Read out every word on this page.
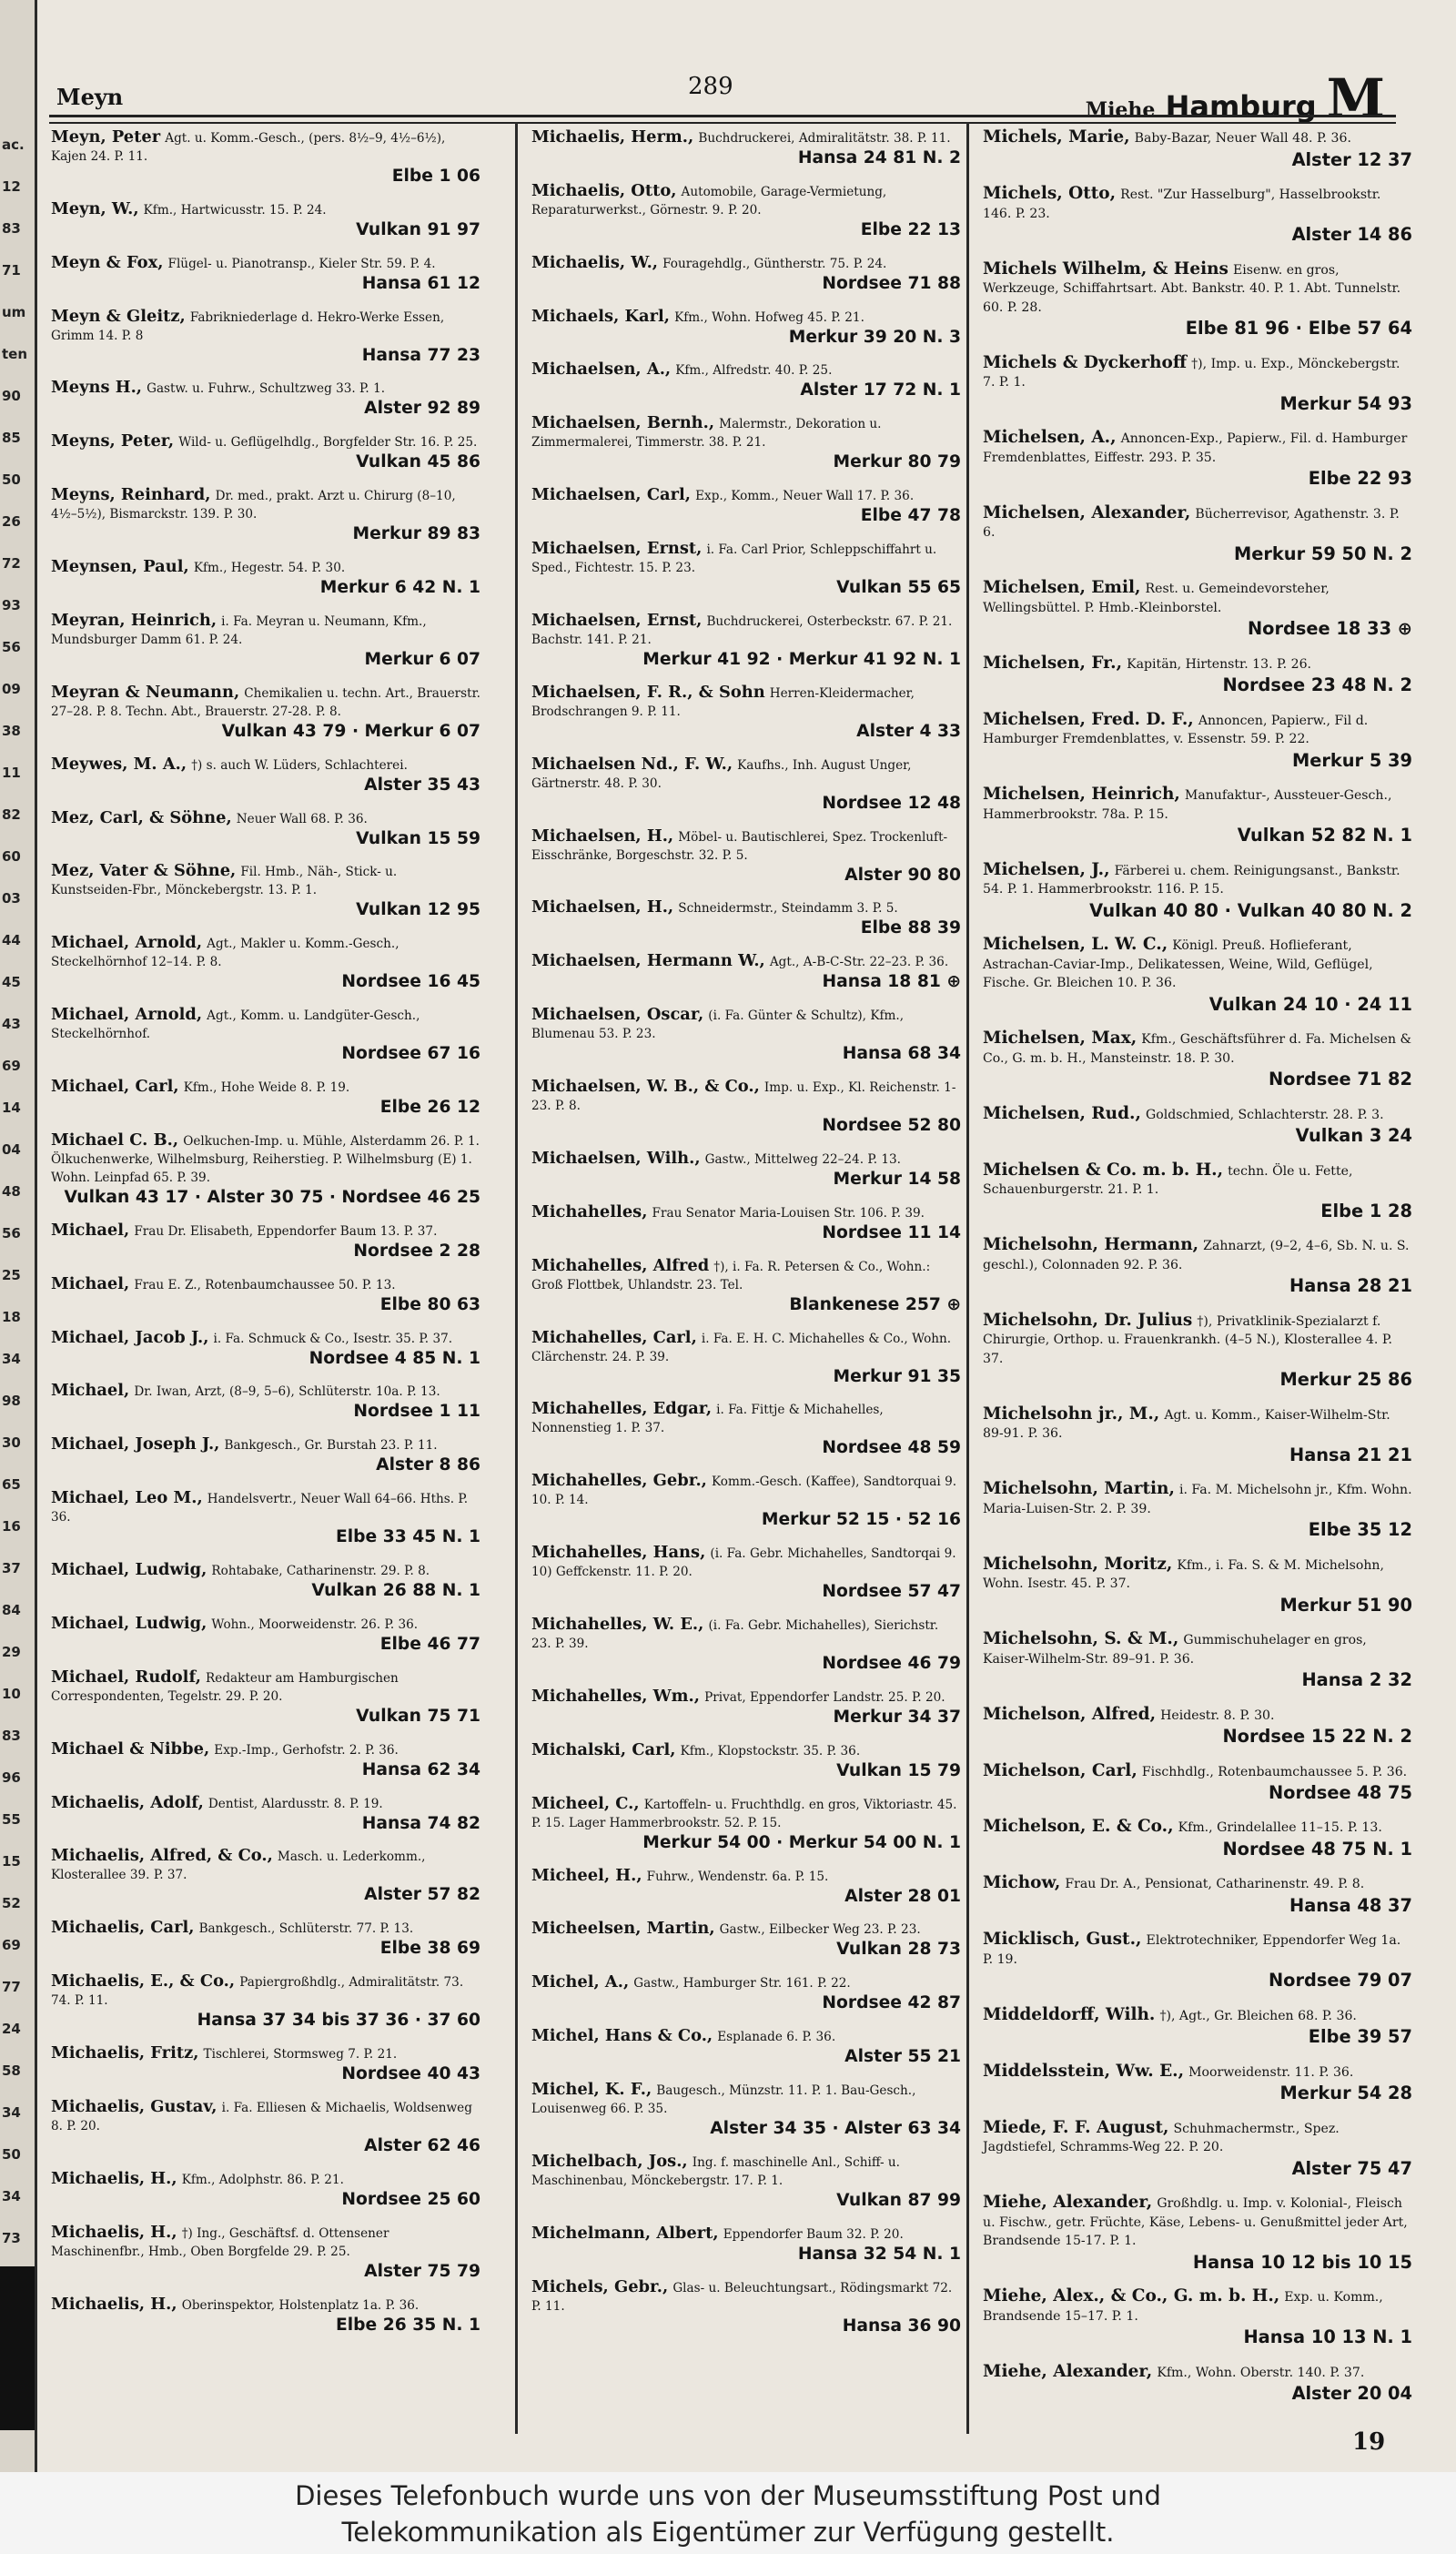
ac.
12
83
71
um
ten
90
85
50
26
72
93
56
09
38
11
82
60
03
44
45
43
69
14
04
48
56
25
18
34
98
30
65
16
37
84
29
10
83
96
55
15
52
69
77
24
58
34
50
34
73
Meyn	289
Miehe Hamburg M
Meyn, Peter Agt. u. Komm.-Gesch., (pers. 8½–9, 4½–6½), Kajen 24. P. 11.

Elbe 1 06
Meyn, W., Kfm., Hartwicusstr. 15. P. 24.

Vulkan 91 97
Meyn & Fox, Flügel- u. Pianotransp., Kieler Str. 59. P. 4.

Hansa 61 12
Meyn & Gleitz, Fabrikniederlage d. Hekro-Werke Essen, Grimm 14. P. 8

Hansa 77 23
Meyns H., Gastw. u. Fuhrw., Schultzweg 33. P. 1.

Alster 92 89
Meyns, Peter, Wild- u. Geflügelhdlg., Borgfelder Str. 16. P. 25.

Vulkan 45 86
Meyns, Reinhard, Dr. med., prakt. Arzt u. Chirurg (8–10, 4½–5½), Bismarckstr. 139. P. 30.

Merkur 89 83
Meynsen, Paul, Kfm., Hegestr. 54. P. 30.

Merkur 6 42 N. 1
Meyran, Heinrich, i. Fa. Meyran u. Neumann, Kfm., Mundsburger Damm 61. P. 24.

Merkur 6 07
Meyran & Neumann, Chemikalien u. techn. Art., Brauerstr. 27–28. P. 8. Techn. Abt., Brauerstr. 27-28. P. 8.

Vulkan 43 79 · Merkur 6 07
Meywes, M. A., †) s. auch W. Lüders, Schlachterei.

Alster 35 43
Mez, Carl, & Söhne, Neuer Wall 68. P. 36.

Vulkan 15 59
Mez, Vater & Söhne, Fil. Hmb., Näh-, Stick- u. Kunstseiden-Fbr., Mönckebergstr. 13. P. 1.

Vulkan 12 95
Michael, Arnold, Agt., Makler u. Komm.-Gesch., Steckelhörnhof 12–14. P. 8.

Nordsee 16 45
Michael, Arnold, Agt., Komm. u. Landgüter-Gesch., Steckelhörnhof.

Nordsee 67 16
Michael, Carl, Kfm., Hohe Weide 8. P. 19.

Elbe 26 12
Michael C. B., Oelkuchen-Imp. u. Mühle, Alsterdamm 26. P. 1. Ölkuchenwerke, Wilhelmsburg, Reiherstieg. P. Wilhelmsburg (E) 1. Wohn. Leinpfad 65. P. 39.

Vulkan 43 17 · Alster 30 75 · Nordsee 46 25
Michael, Frau Dr. Elisabeth, Eppendorfer Baum 13. P. 37.

Nordsee 2 28
Michael, Frau E. Z., Rotenbaumchaussee 50. P. 13.

Elbe 80 63
Michael, Jacob J., i. Fa. Schmuck & Co., Isestr. 35. P. 37.

Nordsee 4 85 N. 1
Michael, Dr. Iwan, Arzt, (8–9, 5–6), Schlüterstr. 10a. P. 13.

Nordsee 1 11
Michael, Joseph J., Bankgesch., Gr. Burstah 23. P. 11.

Alster 8 86
Michael, Leo M., Handelsvertr., Neuer Wall 64–66. Hths. P. 36.

Elbe 33 45 N. 1
Michael, Ludwig, Rohtabake, Catharinenstr. 29. P. 8.

Vulkan 26 88 N. 1
Michael, Ludwig, Wohn., Moorweidenstr. 26. P. 36.

Elbe 46 77
Michael, Rudolf, Redakteur am Hamburgischen Correspondenten, Tegelstr. 29. P. 20.

Vulkan 75 71
Michael & Nibbe, Exp.-Imp., Gerhofstr. 2. P. 36.

Hansa 62 34
Michaelis, Adolf, Dentist, Alardusstr. 8. P. 19.

Hansa 74 82
Michaelis, Alfred, & Co., Masch. u. Lederkomm., Klosterallee 39. P. 37.

Alster 57 82
Michaelis, Carl, Bankgesch., Schlüterstr. 77. P. 13.

Elbe 38 69
Michaelis, E., & Co., Papiergroßhdlg., Admiralitätstr. 73. 74. P. 11.

Hansa 37 34 bis 37 36 · 37 60
Michaelis, Fritz, Tischlerei, Stormsweg 7. P. 21.

Nordsee 40 43
Michaelis, Gustav, i. Fa. Elliesen & Michaelis, Woldsenweg 8. P. 20.

Alster 62 46
Michaelis, H., Kfm., Adolphstr. 86. P. 21.

Nordsee 25 60
Michaelis, H., †) Ing., Geschäftsf. d. Ottensener Maschinenfbr., Hmb., Oben Borgfelde 29. P. 25.

Alster 75 79
Michaelis, H., Oberinspektor, Holstenplatz 1a. P. 36.

Elbe 26 35 N. 1
Michaelis, Herm., Buchdruckerei, Admiralitätstr. 38. P. 11.

Hansa 24 81 N. 2
Michaelis, Otto, Automobile, Garage-Vermietung, Reparaturwerkst., Görnestr. 9. P. 20.

Elbe 22 13
Michaelis, W., Fouragehdlg., Güntherstr. 75. P. 24.

Nordsee 71 88
Michaels, Karl, Kfm., Wohn. Hofweg 45. P. 21.

Merkur 39 20 N. 3
Michaelsen, A., Kfm., Alfredstr. 40. P. 25.

Alster 17 72 N. 1
Michaelsen, Bernh., Malermstr., Dekoration u. Zimmermalerei, Timmerstr. 38. P. 21.

Merkur 80 79
Michaelsen, Carl, Exp., Komm., Neuer Wall 17. P. 36.

Elbe 47 78
Michaelsen, Ernst, i. Fa. Carl Prior, Schleppschiffahrt u. Sped., Fichtestr. 15. P. 23.

Vulkan 55 65
Michaelsen, Ernst, Buchdruckerei, Osterbeckstr. 67. P. 21. Bachstr. 141. P. 21.

Merkur 41 92 · Merkur 41 92 N. 1
Michaelsen, F. R., & Sohn Herren-Kleidermacher, Brodschrangen 9. P. 11.

Alster 4 33
Michaelsen Nd., F. W., Kaufhs., Inh. August Unger, Gärtnerstr. 48. P. 30.

Nordsee 12 48
Michaelsen, H., Möbel- u. Bautischlerei, Spez. Trockenluft-Eisschränke, Borgeschstr. 32. P. 5.

Alster 90 80
Michaelsen, H., Schneidermstr., Steindamm 3. P. 5.

Elbe 88 39
Michaelsen, Hermann W., Agt., A-B-C-Str. 22–23. P. 36.

Hansa 18 81 ⊕
Michaelsen, Oscar, (i. Fa. Günter & Schultz), Kfm., Blumenau 53. P. 23.

Hansa 68 34
Michaelsen, W. B., & Co., Imp. u. Exp., Kl. Reichenstr. 1-23. P. 8.

Nordsee 52 80
Michaelsen, Wilh., Gastw., Mittelweg 22–24. P. 13.

Merkur 14 58
Michahelles, Frau Senator Maria-Louisen Str. 106. P. 39.

Nordsee 11 14
Michahelles, Alfred †), i. Fa. R. Petersen & Co., Wohn.: Groß Flottbek, Uhlandstr. 23. Tel.

Blankenese 257 ⊕
Michahelles, Carl, i. Fa. E. H. C. Michahelles & Co., Wohn. Clärchenstr. 24. P. 39.

Merkur 91 35
Michahelles, Edgar, i. Fa. Fittje & Michahelles, Nonnenstieg 1. P. 37.

Nordsee 48 59
Michahelles, Gebr., Komm.-Gesch. (Kaffee), Sandtorquai 9. 10. P. 14.

Merkur 52 15 · 52 16
Michahelles, Hans, (i. Fa. Gebr. Michahelles, Sandtorqai 9. 10) Geffckenstr. 11. P. 20.

Nordsee 57 47
Michahelles, W. E., (i. Fa. Gebr. Michahelles), Sierichstr. 23. P. 39.

Nordsee 46 79
Michahelles, Wm., Privat, Eppendorfer Landstr. 25. P. 20.

Merkur 34 37
Michalski, Carl, Kfm., Klopstockstr. 35. P. 36.

Vulkan 15 79
Micheel, C., Kartoffeln- u. Fruchthdlg. en gros, Viktoriastr. 45. P. 15. Lager Hammerbrookstr. 52. P. 15.

Merkur 54 00 · Merkur 54 00 N. 1
Micheel, H., Fuhrw., Wendenstr. 6a. P. 15.

Alster 28 01
Micheelsen, Martin, Gastw., Eilbecker Weg 23. P. 23.

Vulkan 28 73
Michel, A., Gastw., Hamburger Str. 161. P. 22.

Nordsee 42 87
Michel, Hans & Co., Esplanade 6. P. 36.

Alster 55 21
Michel, K. F., Baugesch., Münzstr. 11. P. 1. Bau-Gesch., Louisenweg 66. P. 35.

Alster 34 35 · Alster 63 34
Michelbach, Jos., Ing. f. maschinelle Anl., Schiff- u. Maschinenbau, Mönckebergstr. 17. P. 1.

Vulkan 87 99
Michelmann, Albert, Eppendorfer Baum 32. P. 20.

Hansa 32 54 N. 1
Michels, Gebr., Glas- u. Beleuchtungsart., Rödingsmarkt 72. P. 11.

Hansa 36 90
Michels, Marie, Baby-Bazar, Neuer Wall 48. P. 36.

Alster 12 37
Michels, Otto, Rest. "Zur Hasselburg", Hasselbrookstr. 146. P. 23.

Alster 14 86
Michels Wilhelm, & Heins Eisenw. en gros, Werkzeuge, Schiffahrtsart. Abt. Bankstr. 40. P. 1. Abt. Tunnelstr. 60. P. 28.

Elbe 81 96 · Elbe 57 64
Michels & Dyckerhoff †), Imp. u. Exp., Mönckebergstr. 7. P. 1.

Merkur 54 93
Michelsen, A., Annoncen-Exp., Papierw., Fil. d. Hamburger Fremdenblattes, Eiffestr. 293. P. 35.

Elbe 22 93
Michelsen, Alexander, Bücherrevisor, Agathenstr. 3. P. 6.

Merkur 59 50 N. 2
Michelsen, Emil, Rest. u. Gemeindevorsteher, Wellingsbüttel. P. Hmb.-Kleinborstel.

Nordsee 18 33 ⊕
Michelsen, Fr., Kapitän, Hirtenstr. 13. P. 26.

Nordsee 23 48 N. 2
Michelsen, Fred. D. F., Annoncen, Papierw., Fil d. Hamburger Fremdenblattes, v. Essenstr. 59. P. 22.

Merkur 5 39
Michelsen, Heinrich, Manufaktur-, Aussteuer-Gesch., Hammerbrookstr. 78a. P. 15.

Vulkan 52 82 N. 1
Michelsen, J., Färberei u. chem. Reinigungsanst., Bankstr. 54. P. 1. Hammerbrookstr. 116. P. 15.

Vulkan 40 80 · Vulkan 40 80 N. 2
Michelsen, L. W. C., Königl. Preuß. Hoflieferant, Astrachan-Caviar-Imp., Delikatessen, Weine, Wild, Geflügel, Fische. Gr. Bleichen 10. P. 36.

Vulkan 24 10 · 24 11
Michelsen, Max, Kfm., Geschäftsführer d. Fa. Michelsen & Co., G. m. b. H., Mansteinstr. 18. P. 30.

Nordsee 71 82
Michelsen, Rud., Goldschmied, Schlachterstr. 28. P. 3.

Vulkan 3 24
Michelsen & Co. m. b. H., techn. Öle u. Fette, Schauenburgerstr. 21. P. 1.

Elbe 1 28
Michelsohn, Hermann, Zahnarzt, (9–2, 4–6, Sb. N. u. S. geschl.), Colonnaden 92. P. 36.

Hansa 28 21
Michelsohn, Dr. Julius †), Privatklinik-Spezialarzt f. Chirurgie, Orthop. u. Frauenkrankh. (4–5 N.), Klosterallee 4. P. 37.

Merkur 25 86
Michelsohn jr., M., Agt. u. Komm., Kaiser-Wilhelm-Str. 89-91. P. 36.

Hansa 21 21
Michelsohn, Martin, i. Fa. M. Michelsohn jr., Kfm. Wohn. Maria-Luisen-Str. 2. P. 39.

Elbe 35 12
Michelsohn, Moritz, Kfm., i. Fa. S. & M. Michelsohn, Wohn. Isestr. 45. P. 37.

Merkur 51 90
Michelsohn, S. & M., Gummischuhelager en gros, Kaiser-Wilhelm-Str. 89–91. P. 36.

Hansa 2 32
Michelson, Alfred, Heidestr. 8. P. 30.

Nordsee 15 22 N. 2
Michelson, Carl, Fischhdlg., Rotenbaumchaussee 5. P. 36.

Nordsee 48 75
Michelson, E. & Co., Kfm., Grindelallee 11–15. P. 13.

Nordsee 48 75 N. 1
Michow, Frau Dr. A., Pensionat, Catharinenstr. 49. P. 8.

Hansa 48 37
Micklisch, Gust., Elektrotechniker, Eppendorfer Weg 1a. P. 19.

Nordsee 79 07
Middeldorff, Wilh. †), Agt., Gr. Bleichen 68. P. 36.

Elbe 39 57
Middelsstein, Ww. E., Moorweidenstr. 11. P. 36.

Merkur 54 28
Miede, F. F. August, Schuhmachermstr., Spez. Jagdstiefel, Schramms-Weg 22. P. 20.

Alster 75 47
Miehe, Alexander, Großhdlg. u. Imp. v. Kolonial-, Fleisch u. Fischw., getr. Früchte, Käse, Lebens- u. Genußmittel jeder Art, Brandsende 15-17. P. 1.

Hansa 10 12 bis 10 15
Miehe, Alex., & Co., G. m. b. H., Exp. u. Komm., Brandsende 15–17. P. 1.

Hansa 10 13 N. 1
Miehe, Alexander, Kfm., Wohn. Oberstr. 140. P. 37.

Alster 20 04
19
Dieses Telefonbuch wurde uns von der Museumsstiftung Post und
Telekommunikation als Eigentümer zur Verfügung gestellt.
